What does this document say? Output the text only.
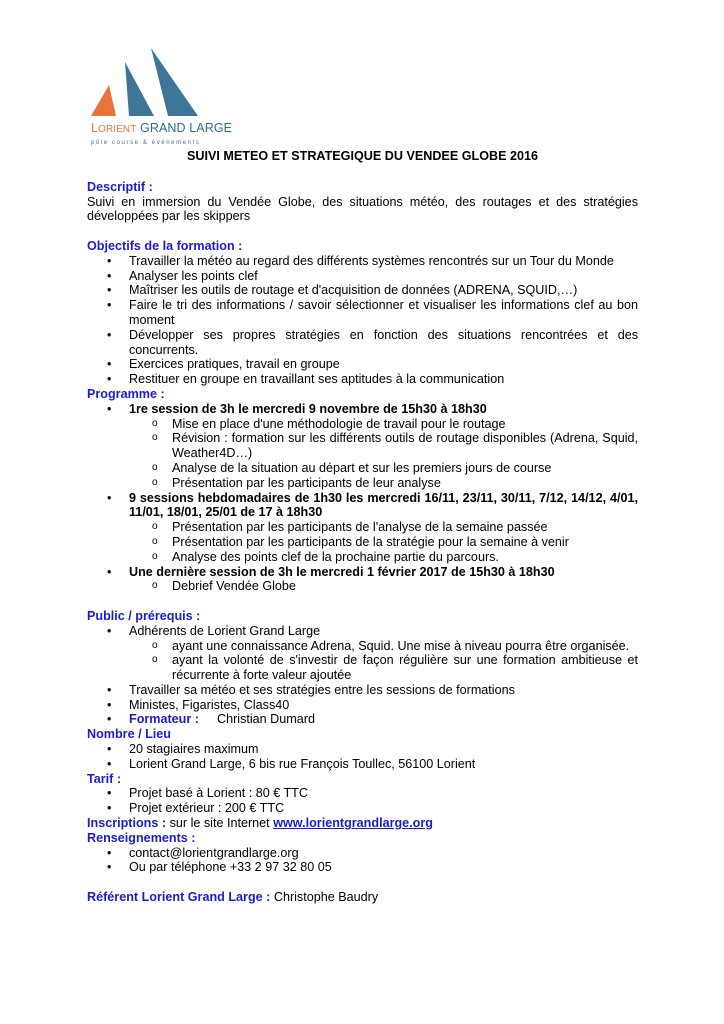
LORIENT GRAND LARGE
pôle course & événements
SUIVI METEO ET STRATEGIQUE DU VENDEE GLOBE 2016
Descriptif :

Suivi en immersion du Vendée Globe, des situations météo, des routages et des stratégies développées par les skippers

Objectifs de la formation :
• Travailler la météo au regard des différents systèmes rencontrés sur un Tour du Monde
• Analyser les points clef
• Maîtriser les outils de routage et d'acquisition de données (ADRENA, SQUID,…)
• Faire le tri des informations / savoir sélectionner et visualiser les informations clef au bon moment
• Développer ses propres stratégies en fonction des situations rencontrées et des concurrents.
• Exercices pratiques, travail en groupe
• Restituer en groupe en travaillant ses aptitudes à la communication
Programme :
• 1re session de 3h le mercredi 9 novembre de 15h30 à 18h30
o Mise en place d'une méthodologie de travail pour le routage
o Révision : formation sur les différents outils de routage disponibles (Adrena, Squid, Weather4D…)
o Analyse de la situation au départ et sur les premiers jours de course
o Présentation par les participants de leur analyse
• 9 sessions hebdomadaires de 1h30 les mercredi 16/11, 23/11, 30/11, 7/12, 14/12, 4/01, 11/01, 18/01, 25/01 de 17 à 18h30
o Présentation par les participants de l'analyse de la semaine passée
o Présentation par les participants de la stratégie pour la semaine à venir
o Analyse des points clef de la prochaine partie du parcours.
• Une dernière session de 3h le mercredi 1 février 2017 de 15h30 à 18h30
o Debrief Vendée Globe
Public / prérequis :
• Adhérents de Lorient Grand Large
o ayant une connaissance Adrena, Squid. Une mise à niveau pourra être organisée.
o ayant la volonté de s'investir de façon régulière sur une formation ambitieuse et récurrente à forte valeur ajoutée
• Travailler sa météo et ses stratégies entre les sessions de formations
• Ministes, Figaristes, Class40
• Formateur : Christian Dumard
Nombre / Lieu
• 20 stagiaires maximum
• Lorient Grand Large, 6 bis rue François Toullec, 56100 Lorient
Tarif :
• Projet basé à Lorient : 80 € TTC
• Projet extérieur : 200 € TTC
Inscriptions : sur le site Internet www.lorientgrandlarge.org
Renseignements :
• contact@lorientgrandlarge.org
• Ou par téléphone +33 2 97 32 80 05
Référent Lorient Grand Large : Christophe Baudry
